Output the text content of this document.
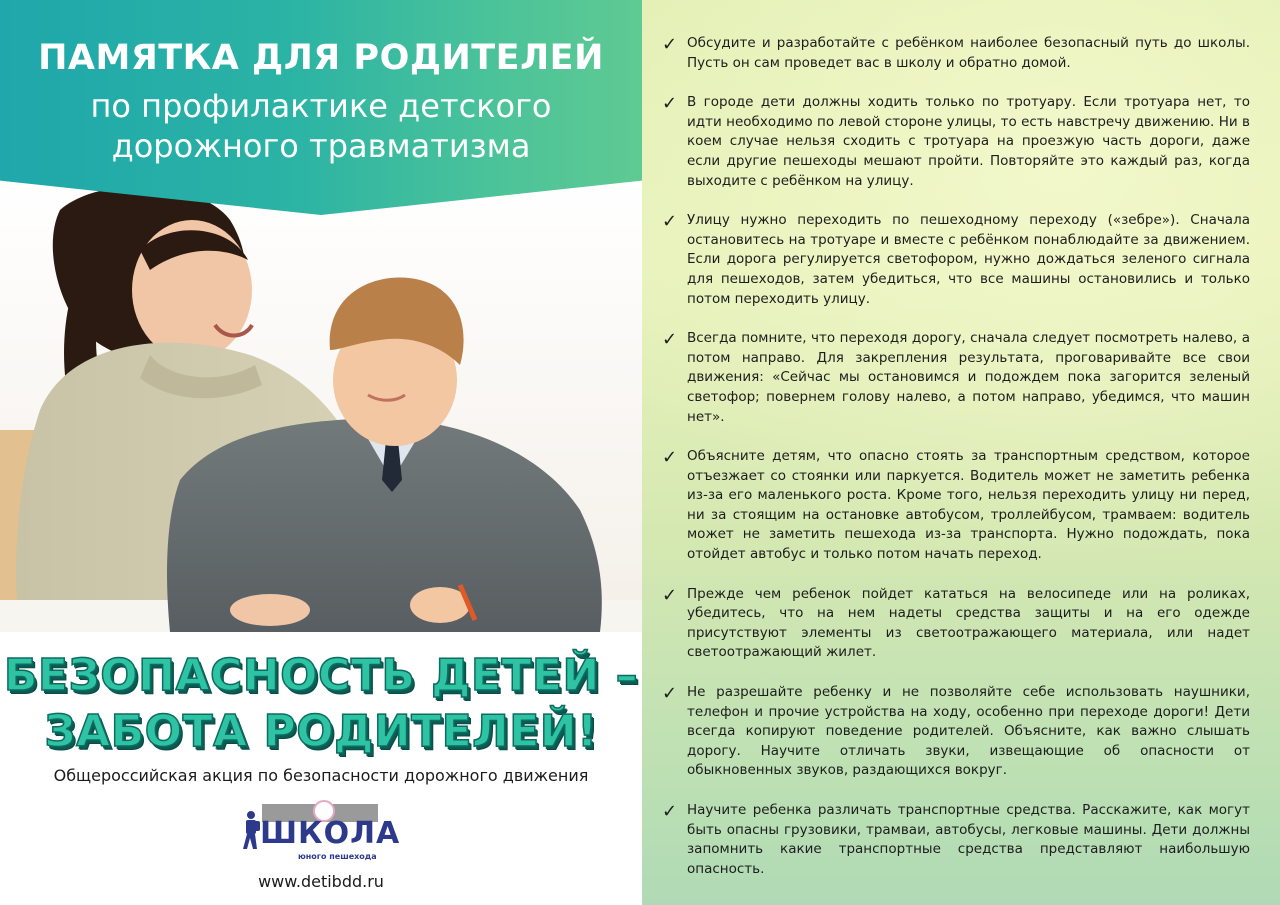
ПАМЯТКА ДЛЯ РОДИТЕЛЕЙ
по профилактике детского
дорожного травматизма
БЕЗОПАСНОСТЬ ДЕТЕЙ –
ЗАБОТА РОДИТЕЛЕЙ!
Общероссийская акция по безопасности дорожного движения
ШКОЛА
юного пешехода
www.detibdd.ru
✓ Обсудите и разработайте с ребёнком наиболее безопасный путь до школы. Пусть он сам проведет вас в школу и обратно домой.
✓ В городе дети должны ходить только по тротуару. Если тротуара нет, то идти необходимо по левой стороне улицы, то есть навстречу движению. Ни в коем случае нельзя сходить с тротуара на проезжую часть дороги, даже если другие пешеходы мешают пройти. Повторяйте это каждый раз, когда выходите с ребёнком на улицу.
✓ Улицу нужно переходить по пешеходному переходу («зебре»). Сначала остановитесь на тротуаре и вместе с ребёнком понаблюдайте за движением. Если дорога регулируется светофором, нужно дождаться зеленого сигнала для пешеходов, затем убедиться, что все машины остановились и только потом переходить улицу.
✓ Всегда помните, что переходя дорогу, сначала следует посмотреть налево, а потом направо. Для закрепления результата, проговаривайте все свои движения: «Сейчас мы остановимся и подождем пока загорится зеленый светофор; повернем голову налево, а потом направо, убедимся, что машин нет».
✓ Объясните детям, что опасно стоять за транспортным средством, которое отъезжает со стоянки или паркуется. Водитель может не заметить ребенка из-за его маленького роста. Кроме того, нельзя переходить улицу ни перед, ни за стоящим на остановке автобусом, троллейбусом, трамваем: водитель может не заметить пешехода из-за транспорта. Нужно подождать, пока отойдет автобус и только потом начать переход.
✓ Прежде чем ребенок пойдет кататься на велосипеде или на роликах, убедитесь, что на нем надеты средства защиты и на его одежде присутствуют элементы из светоотражающего материала, или надет светоотражающий жилет.
✓ Не разрешайте ребенку и не позволяйте себе использовать наушники, телефон и прочие устройства на ходу, особенно при переходе дороги! Дети всегда копируют поведение родителей. Объясните, как важно слышать дорогу. Научите отличать звуки, извещающие об опасности от обыкновенных звуков, раздающихся вокруг.
✓ Научите ребенка различать транспортные средства. Расскажите, как могут быть опасны грузовики, трамваи, автобусы, легковые машины. Дети должны запомнить какие транспортные средства представляют наибольшую опасность.
